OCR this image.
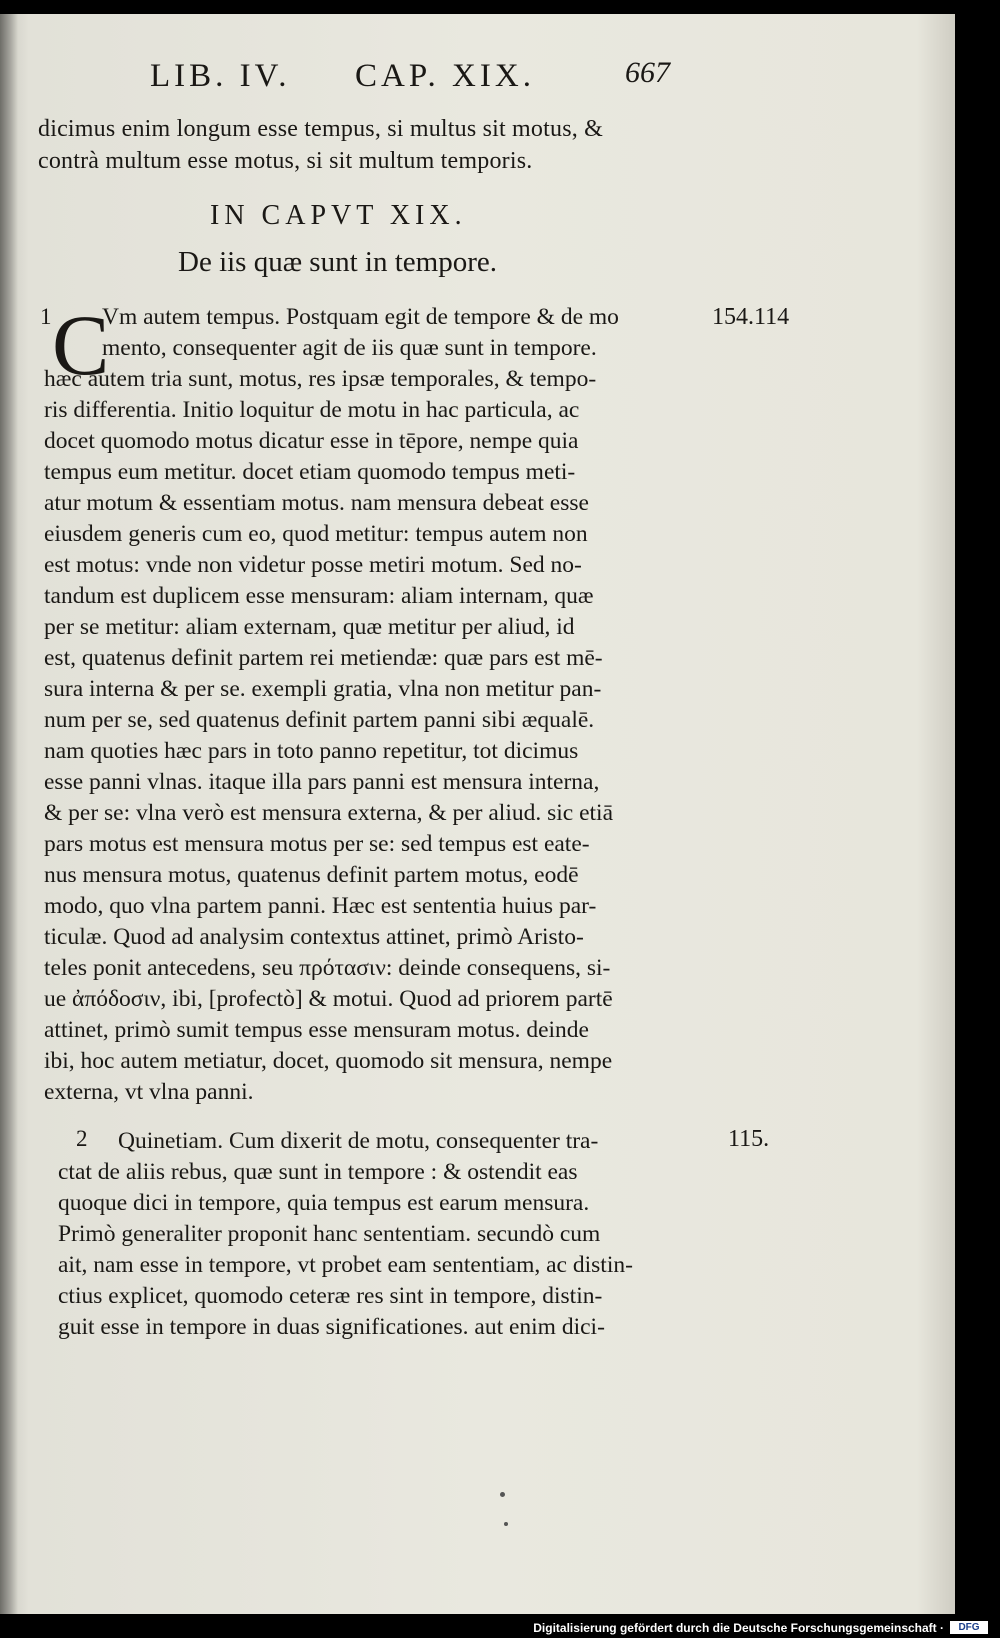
LIB. IV. CAP. XIX.	667
dicimus enim longum esse tempus, si multus sit motus, &
contrà multum esse motus, si sit multum temporis.
IN CAPVT XIX.
De iis quæ sunt in tempore.
1 C	154.114
Vm autem tempus. Postquam egit de tempore & de mo
mento, consequenter agit de iis quæ sunt in tempore.
hæc autem tria sunt, motus, res ipsæ temporales, & tempo-
ris differentia. Initio loquitur de motu in hac particula, ac
docet quomodo motus dicatur esse in tēpore, nempe quia
tempus eum metitur. docet etiam quomodo tempus meti-
atur motum & essentiam motus. nam mensura debeat esse
eiusdem generis cum eo, quod metitur: tempus autem non
est motus: vnde non videtur posse metiri motum. Sed no-
tandum est duplicem esse mensuram: aliam internam, quæ
per se metitur: aliam externam, quæ metitur per aliud, id
est, quatenus definit partem rei metiendæ: quæ pars est mē-
sura interna & per se. exempli gratia, vlna non metitur pan-
num per se, sed quatenus definit partem panni sibi æqualē.
nam quoties hæc pars in toto panno repetitur, tot dicimus
esse panni vlnas. itaque illa pars panni est mensura interna,
& per se: vlna verò est mensura externa, & per aliud. sic etiā
pars motus est mensura motus per se: sed tempus est eate-
nus mensura motus, quatenus definit partem motus, eodē
modo, quo vlna partem panni. Hæc est sententia huius par-
ticulæ. Quod ad analysim contextus attinet, primò Aristo-
teles ponit antecedens, seu πρότασιν: deinde consequens, si-
ue ἀπόδοσιν, ibi, [profectò] & motui. Quod ad priorem partē
attinet, primò sumit tempus esse mensuram motus. deinde
ibi, hoc autem metiatur, docet, quomodo sit mensura, nempe
externa, vt vlna panni.
2	115.
Quinetiam. Cum dixerit de motu, consequenter tra-
ctat de aliis rebus, quæ sunt in tempore : & ostendit eas
quoque dici in tempore, quia tempus est earum mensura.
Primò generaliter proponit hanc sententiam. secundò cum
ait, nam esse in tempore, vt probet eam sententiam, ac distin-
ctius explicet, quomodo ceteræ res sint in tempore, distin-
guit esse in tempore in duas significationes. aut enim dici-
Digitalisierung gefördert durch die Deutsche Forschungsgemeinschaft ·	DFG
